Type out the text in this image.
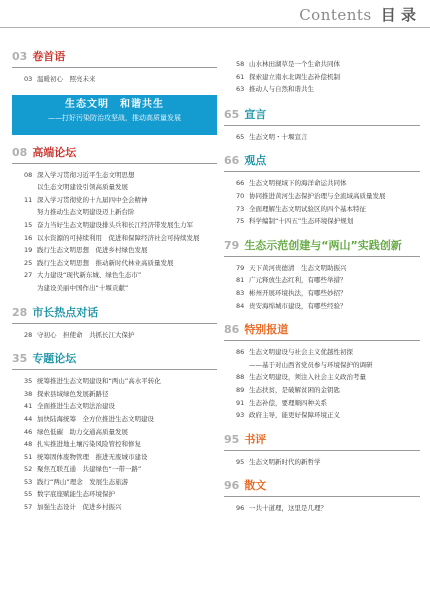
Contents 目 录
03 卷首语
03 温暖初心　照亮未来
生态文明　和谐共生
——打好污染防治攻坚战，推动高质量发展
08 高端论坛
08 深入学习贯彻习近平生态文明思想
以生态文明建设引领高质量发展
11 深入学习贯彻党的十九届四中全会精神
努力推动生态文明建设迈上新台阶
15 奋力当好生态文明建设排头兵和长江经济带发展生力军
16 以水资源的可持续利用　促进和保障经济社会可持续发展
19 践行生态文明思想　促进乡村绿色发展
25 践行生态文明思想　推动新时代林业高质量发展
27 大力建设“现代新东城、绿色生态市”
为建设美丽中国作出“十堰贡献”
28 市长热点对话
28 守初心　担使命　共抓长江大保护
35 专题论坛
35 统筹推进生态文明建设和“两山”高水平转化
38 探索县域绿色发展新路径
41 全面推进生态文明法治建设
44 加快陆海统筹　全方位推进生态文明建设
46 绿色低碳　助力交通高质量发展
48 扎实推进地土壤污染风险管控和修复
51 统筹固体废物管理　推进无废城市建设
52 聚焦互联互通　共建绿色“一带一路”
53 践行“两山”理念　发展生态旅游
55 数字底座赋能生态环境保护
57 加强生态设计　促进乡村振兴
58 山水林田湖草是一个生命共同体
61 探索建立南水北调生态补偿机制
63 推动人与自然和谐共生
65 宣言
65 生态文明・十堰宣言
66 观点
66 生态文明视域下的海洋命运共同体
70 协同推进黄河生态保护治理与全流域高质量发展
73 全面理解生态文明试验区的四个基本特征
75 科学编制“十四五”生态环境保护规划
79 生态示范创建与“两山”实践创新
79 天下黄河贵德清　生态文明助振兴
81 广元释放生态红利，有哪些举措？
83 彬州开展环境执法，有哪些妙招？
84 贵安海绵城市建设，有哪些经验？
86 特别报道
86 生态文明建设与社会主义优越性初探
——基于对山西省党员参与环境保护的调研
88 生态文明建设，须注入社会主义政治考量
89 生态扶贫，是破解贫困的金钥匙
91 生态补偿，要理顺四种关系
93 政府主导，能更好保障环境正义
95 书评
95 生态文明新时代的新哲学
96 散文
96 一共十道理，这里是几理？
